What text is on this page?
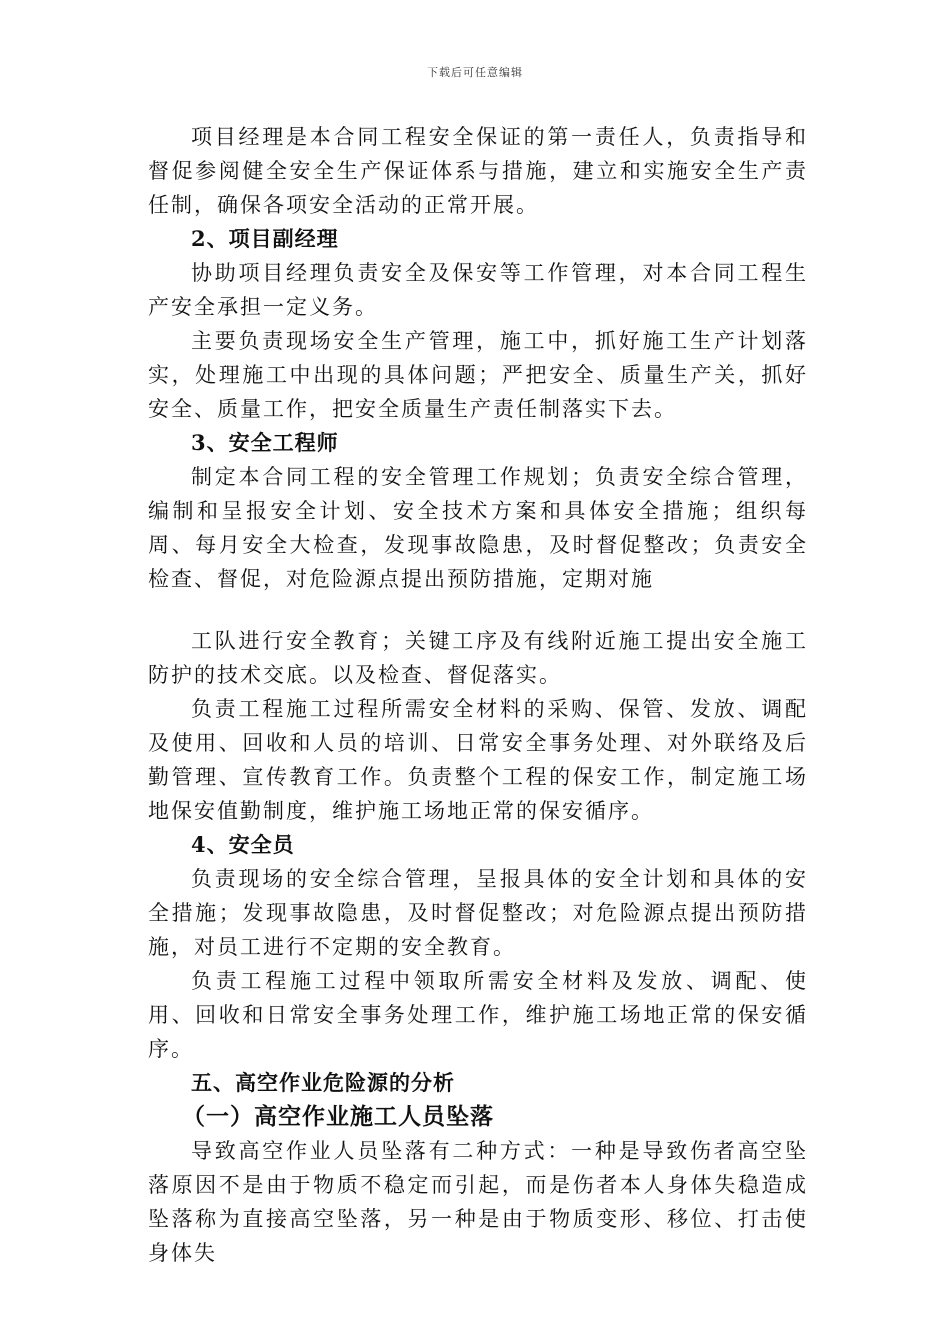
下载后可任意编辑

项目经理是本合同工程安全保证的第一责任人，负责指导和督促参阅健全安全生产保证体系与措施，建立和实施安全生产责任制，确保各项安全活动的正常开展。

2、项目副经理

协助项目经理负责安全及保安等工作管理，对本合同工程生产安全承担一定义务。

主要负责现场安全生产管理，施工中，抓好施工生产计划落实，处理施工中出现的具体问题；严把安全、质量生产关，抓好安全、质量工作，把安全质量生产责任制落实下去。

3、安全工程师

制定本合同工程的安全管理工作规划；负责安全综合管理，编制和呈报安全计划、安全技术方案和具体安全措施；组织每周、每月安全大检查，发现事故隐患，及时督促整改；负责安全检查、督促，对危险源点提出预防措施，定期对施

工队进行安全教育；关键工序及有线附近施工提出安全施工防护的技术交底。以及检查、督促落实。

负责工程施工过程所需安全材料的采购、保管、发放、调配及使用、回收和人员的培训、日常安全事务处理、对外联络及后勤管理、宣传教育工作。负责整个工程的保安工作，制定施工场地保安值勤制度，维护施工场地正常的保安循序。

4、安全员

负责现场的安全综合管理，呈报具体的安全计划和具体的安全措施；发现事故隐患，及时督促整改；对危险源点提出预防措施，对员工进行不定期的安全教育。

负责工程施工过程中领取所需安全材料及发放、调配、使用、回收和日常安全事务处理工作，维护施工场地正常的保安循序。

五、高空作业危险源的分析

（一）高空作业施工人员坠落

导致高空作业人员坠落有二种方式：一种是导致伤者高空坠落原因不是由于物质不稳定而引起，而是伤者本人身体失稳造成坠落称为直接高空坠落，另一种是由于物质变形、移位、打击使身体失
